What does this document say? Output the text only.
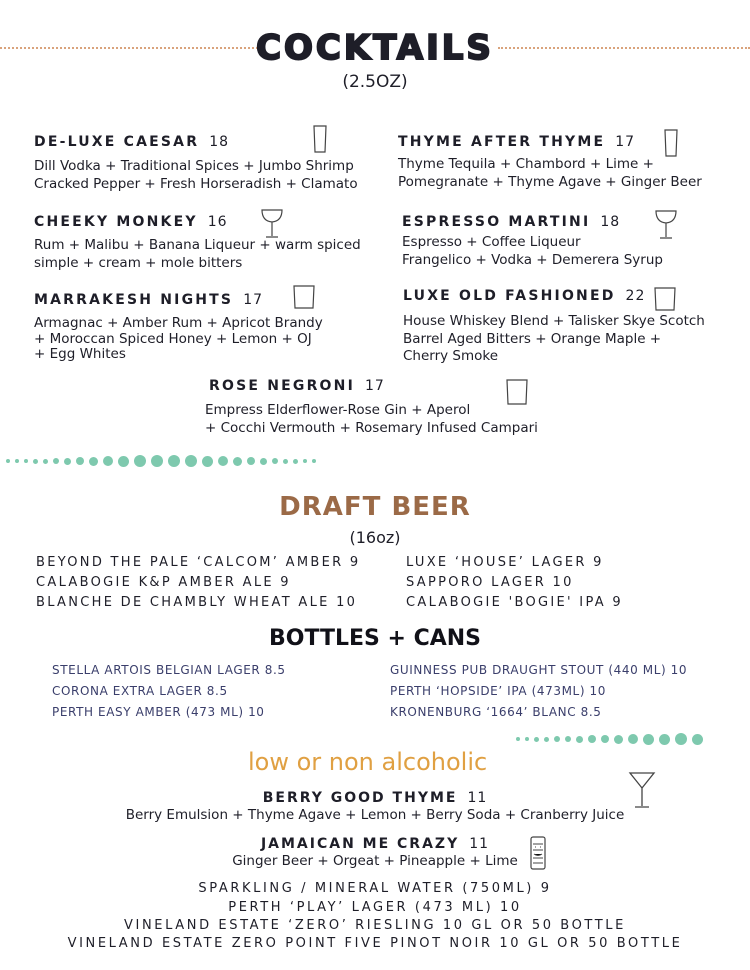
COCKTAILS
(2.5OZ)
DE-LUXE CAESAR 18
Dill Vodka + Traditional Spices + Jumbo Shrimp
Cracked Pepper + Fresh Horseradish + Clamato
THYME AFTER THYME 17
Thyme Tequila + Chambord + Lime +
Pomegranate + Thyme Agave + Ginger Beer
CHEEKY MONKEY 16
Rum + Malibu + Banana Liqueur + warm spiced
simple + cream + mole bitters
ESPRESSO MARTINI 18
Espresso + Coffee Liqueur
Frangelico + Vodka + Demerera Syrup
MARRAKESH NIGHTS 17
Armagnac + Amber Rum + Apricot Brandy
+ Moroccan Spiced Honey + Lemon + OJ
+ Egg Whites
LUXE OLD FASHIONED 22
House Whiskey Blend + Talisker Skye Scotch
Barrel Aged Bitters + Orange Maple +
Cherry Smoke
ROSE NEGRONI 17
Empress Elderflower-Rose Gin + Aperol
+ Cocchi Vermouth + Rosemary Infused Campari
DRAFT BEER
(16oz)
BEYOND THE PALE ‘CALCOM’ AMBER 9
CALABOGIE K&P AMBER ALE 9
BLANCHE DE CHAMBLY WHEAT ALE 10
LUXE ‘HOUSE’ LAGER 9
SAPPORO LAGER 10
CALABOGIE 'BOGIE' IPA 9
BOTTLES + CANS
STELLA ARTOIS BELGIAN LAGER 8.5
CORONA EXTRA LAGER 8.5
PERTH EASY AMBER (473 ML) 10
GUINNESS PUB DRAUGHT STOUT (440 ML) 10
PERTH ‘HOPSIDE’ IPA (473ML) 10
KRONENBURG ‘1664’ BLANC 8.5
low or non alcoholic
BERRY GOOD THYME 11
Berry Emulsion + Thyme Agave + Lemon + Berry Soda + Cranberry Juice
JAMAICAN ME CRAZY 11
Ginger Beer + Orgeat + Pineapple + Lime
SPARKLING / MINERAL WATER (750ML) 9
PERTH ‘PLAY’ LAGER (473 ML) 10
VINELAND ESTATE ‘ZERO’ RIESLING 10 GL OR 50 BOTTLE
VINELAND ESTATE ZERO POINT FIVE PINOT NOIR 10 GL OR 50 BOTTLE
